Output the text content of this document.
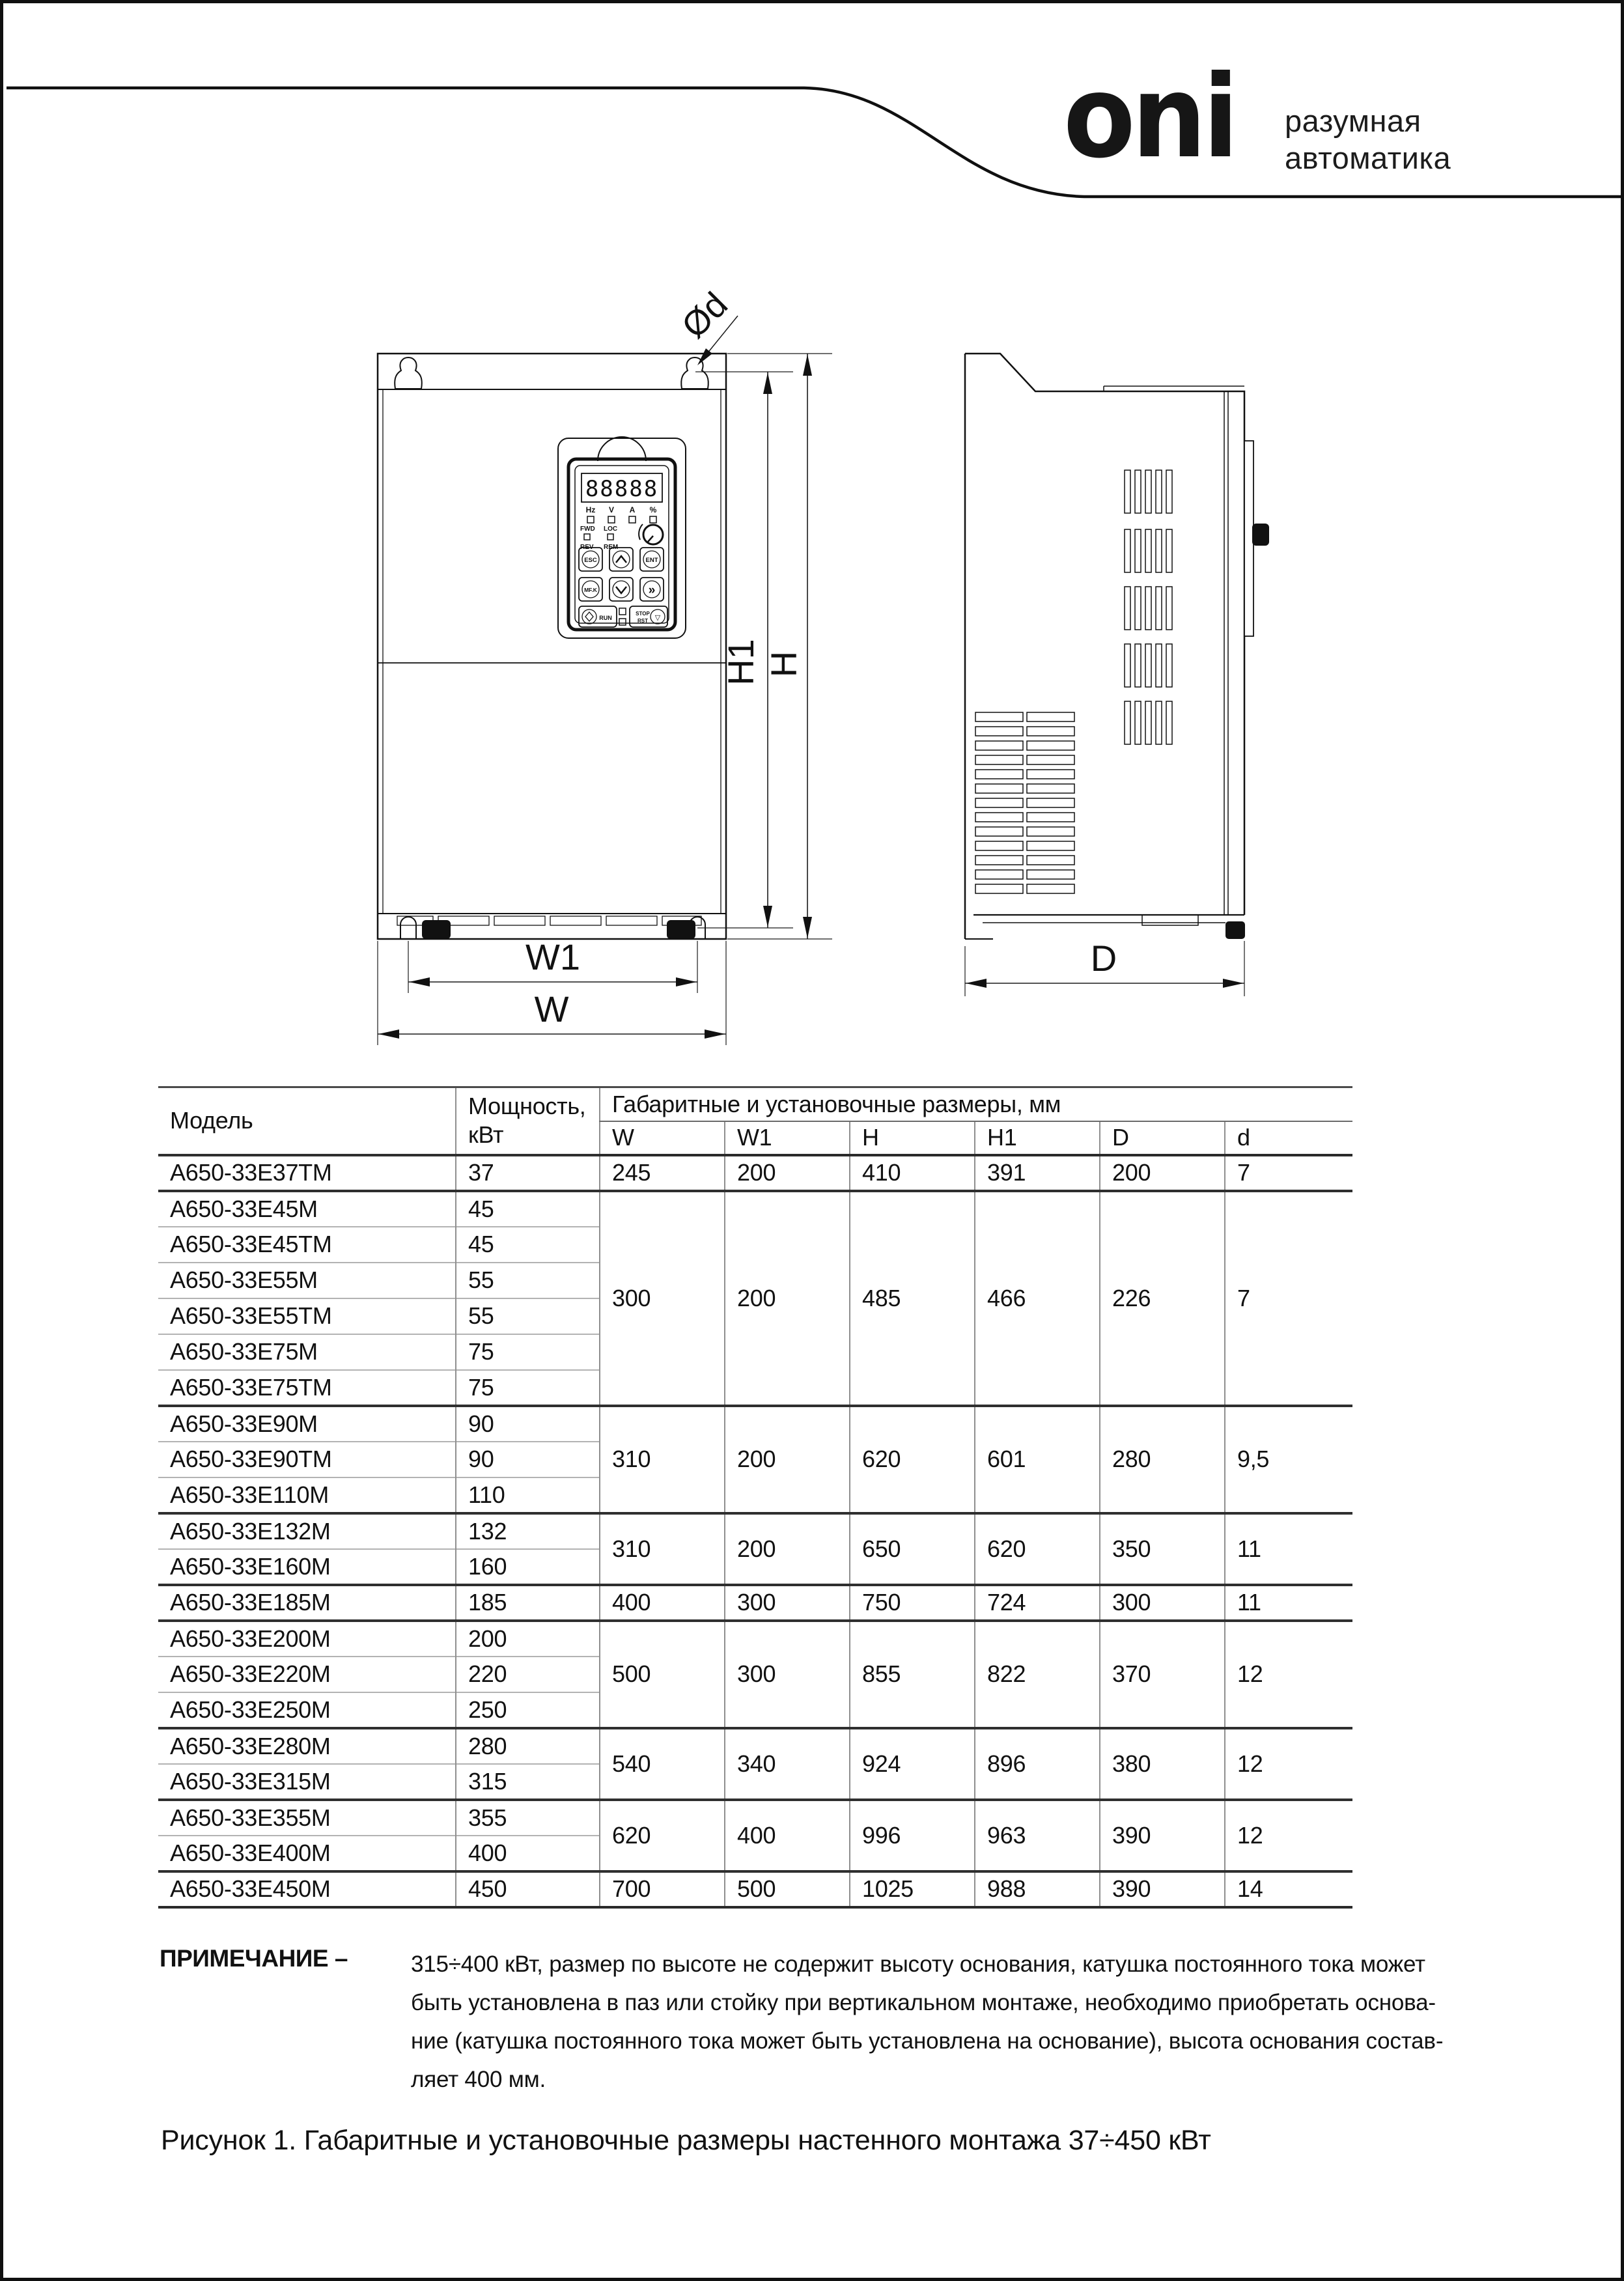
88888
Hz V A %
FWD
REV
LOC
REM
ESC	ENT
MF.K	»
RUN
STOP
RST ▽
Ød
H1 H
W1
W
D
oni разумная
автоматика
Модель	Мощность,
кВт	Габаритные и установочные размеры, мм					
		W	W1	H	H1	D	d
A650-33E37TM	37	245	200	410	391	200	7
A650-33E45M	45	300	200	485	466	226	7
A650-33E45TM	45						
A650-33E55M	55						
A650-33E55TM	55						
A650-33E75M	75						
A650-33E75TM	75						
A650-33E90M	90	310	200	620	601	280	9,5
A650-33E90TM	90						
A650-33E110M	110						
A650-33E132M	132	310	200	650	620	350	11
A650-33E160M	160						
A650-33E185M	185	400	300	750	724	300	11
A650-33E200M	200	500	300	855	822	370	12
A650-33E220M	220						
A650-33E250M	250						
A650-33E280M	280	540	340	924	896	380	12
A650-33E315M	315						
A650-33E355M	355	620	400	996	963	390	12
A650-33E400M	400						
A650-33E450M	450	700	500	1025	988	390	14
ПРИМЕЧАНИЕ –	315÷400 кВт, размер по высоте не содержит высоту основания, катушка постоянного тока может
быть установлена в паз или стойку при вертикальном монтаже, необходимо приобретать основа-
ние (катушка постоянного тока может быть установлена на основание), высота основания состав-
ляет 400 мм.
Рисунок 1. Габаритные и установочные размеры настенного монтажа 37÷450 кВт
